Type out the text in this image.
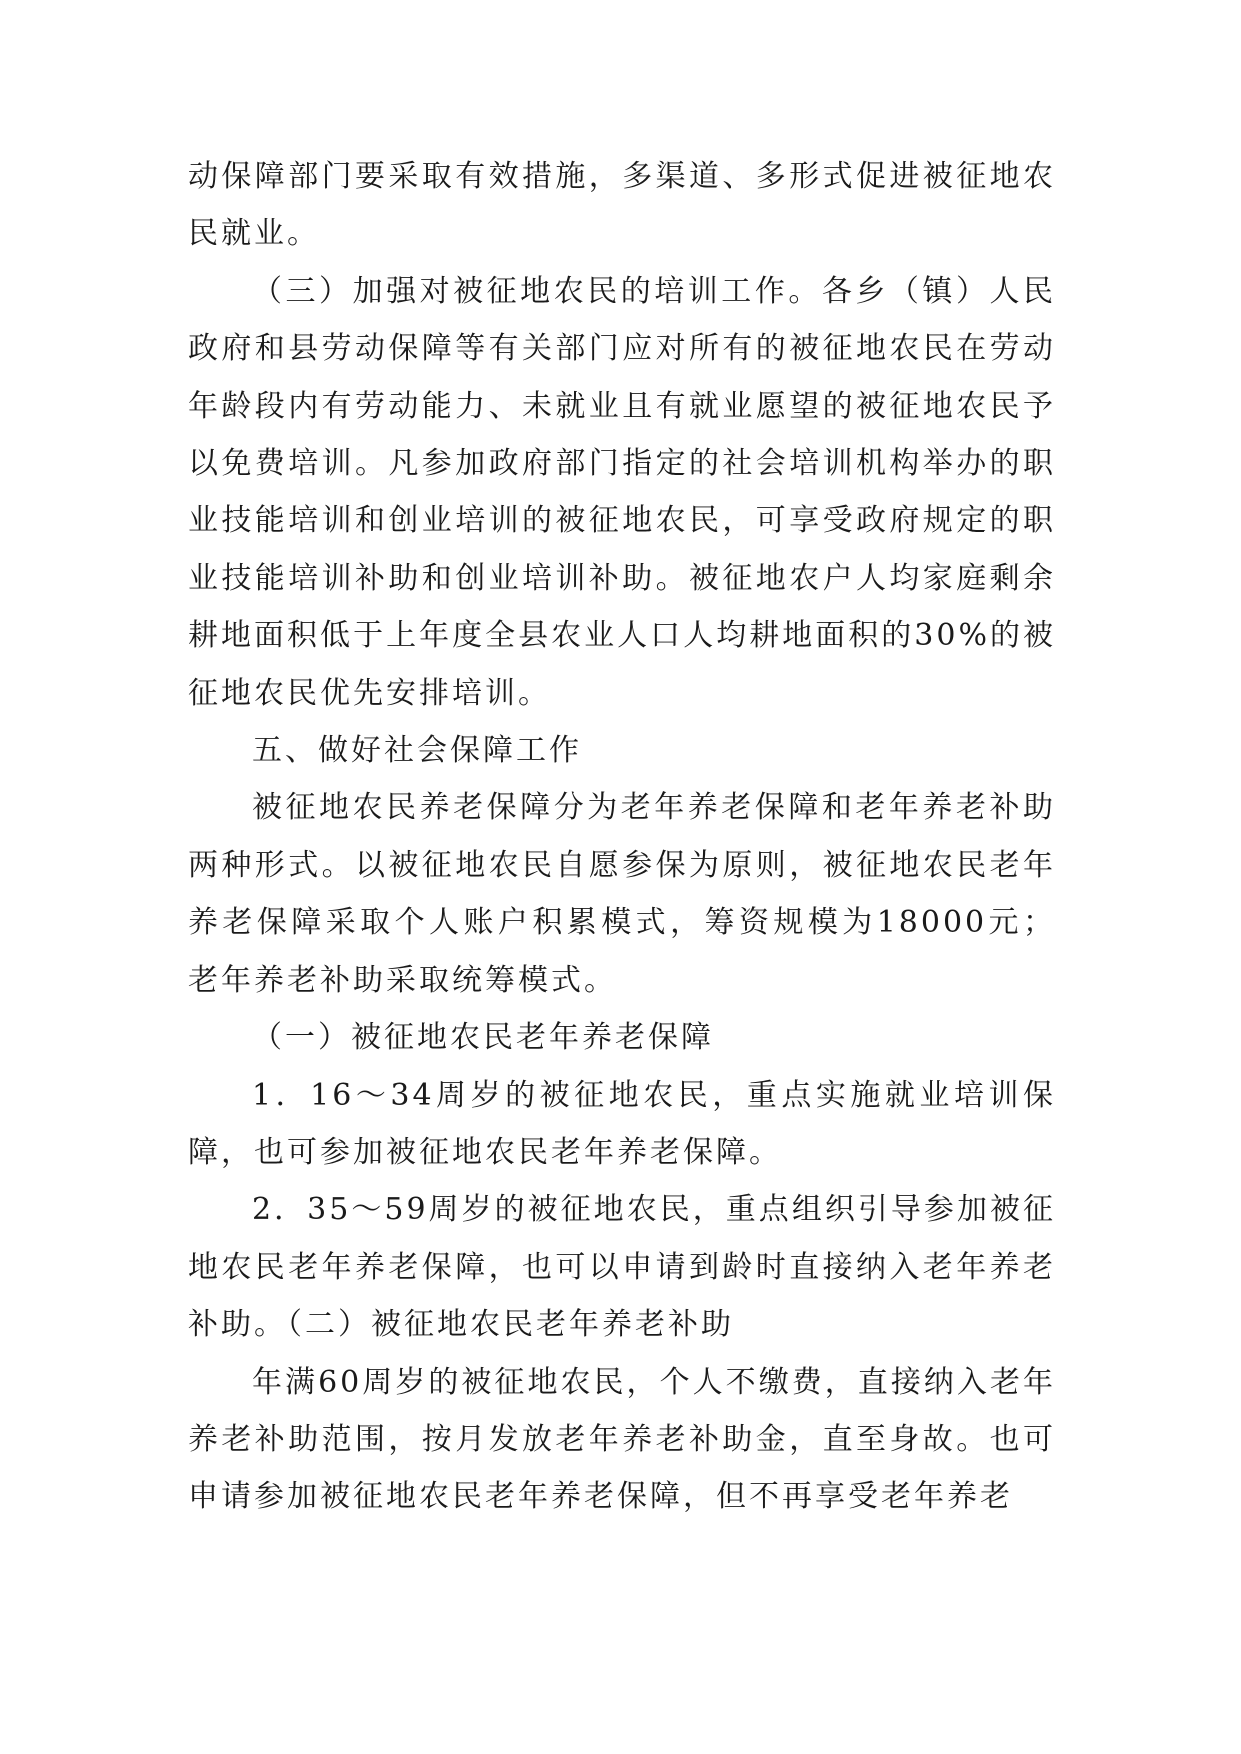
动保障部门要采取有效措施，多渠道、多形式促进被征地农民就业。

（三）加强对被征地农民的培训工作。各乡（镇）人民政府和县劳动保障等有关部门应对所有的被征地农民在劳动年龄段内有劳动能力、未就业且有就业愿望的被征地农民予以免费培训。凡参加政府部门指定的社会培训机构举办的职业技能培训和创业培训的被征地农民，可享受政府规定的职业技能培训补助和创业培训补助。被征地农户人均家庭剩余耕地面积低于上年度全县农业人口人均耕地面积的30%的被征地农民优先安排培训。

五、做好社会保障工作

被征地农民养老保障分为老年养老保障和老年养老补助两种形式。以被征地农民自愿参保为原则，被征地农民老年养老保障采取个人账户积累模式，筹资规模为18000元；老年养老补助采取统筹模式。

（一）被征地农民老年养老保障

1．16～34周岁的被征地农民，重点实施就业培训保障，也可参加被征地农民老年养老保障。

2．35～59周岁的被征地农民，重点组织引导参加被征地农民老年养老保障，也可以申请到龄时直接纳入老年养老补助。（二）被征地农民老年养老补助

年满60周岁的被征地农民，个人不缴费，直接纳入老年养老补助范围，按月发放老年养老补助金，直至身故。也可申请参加被征地农民老年养老保障，但不再享受老年养老
